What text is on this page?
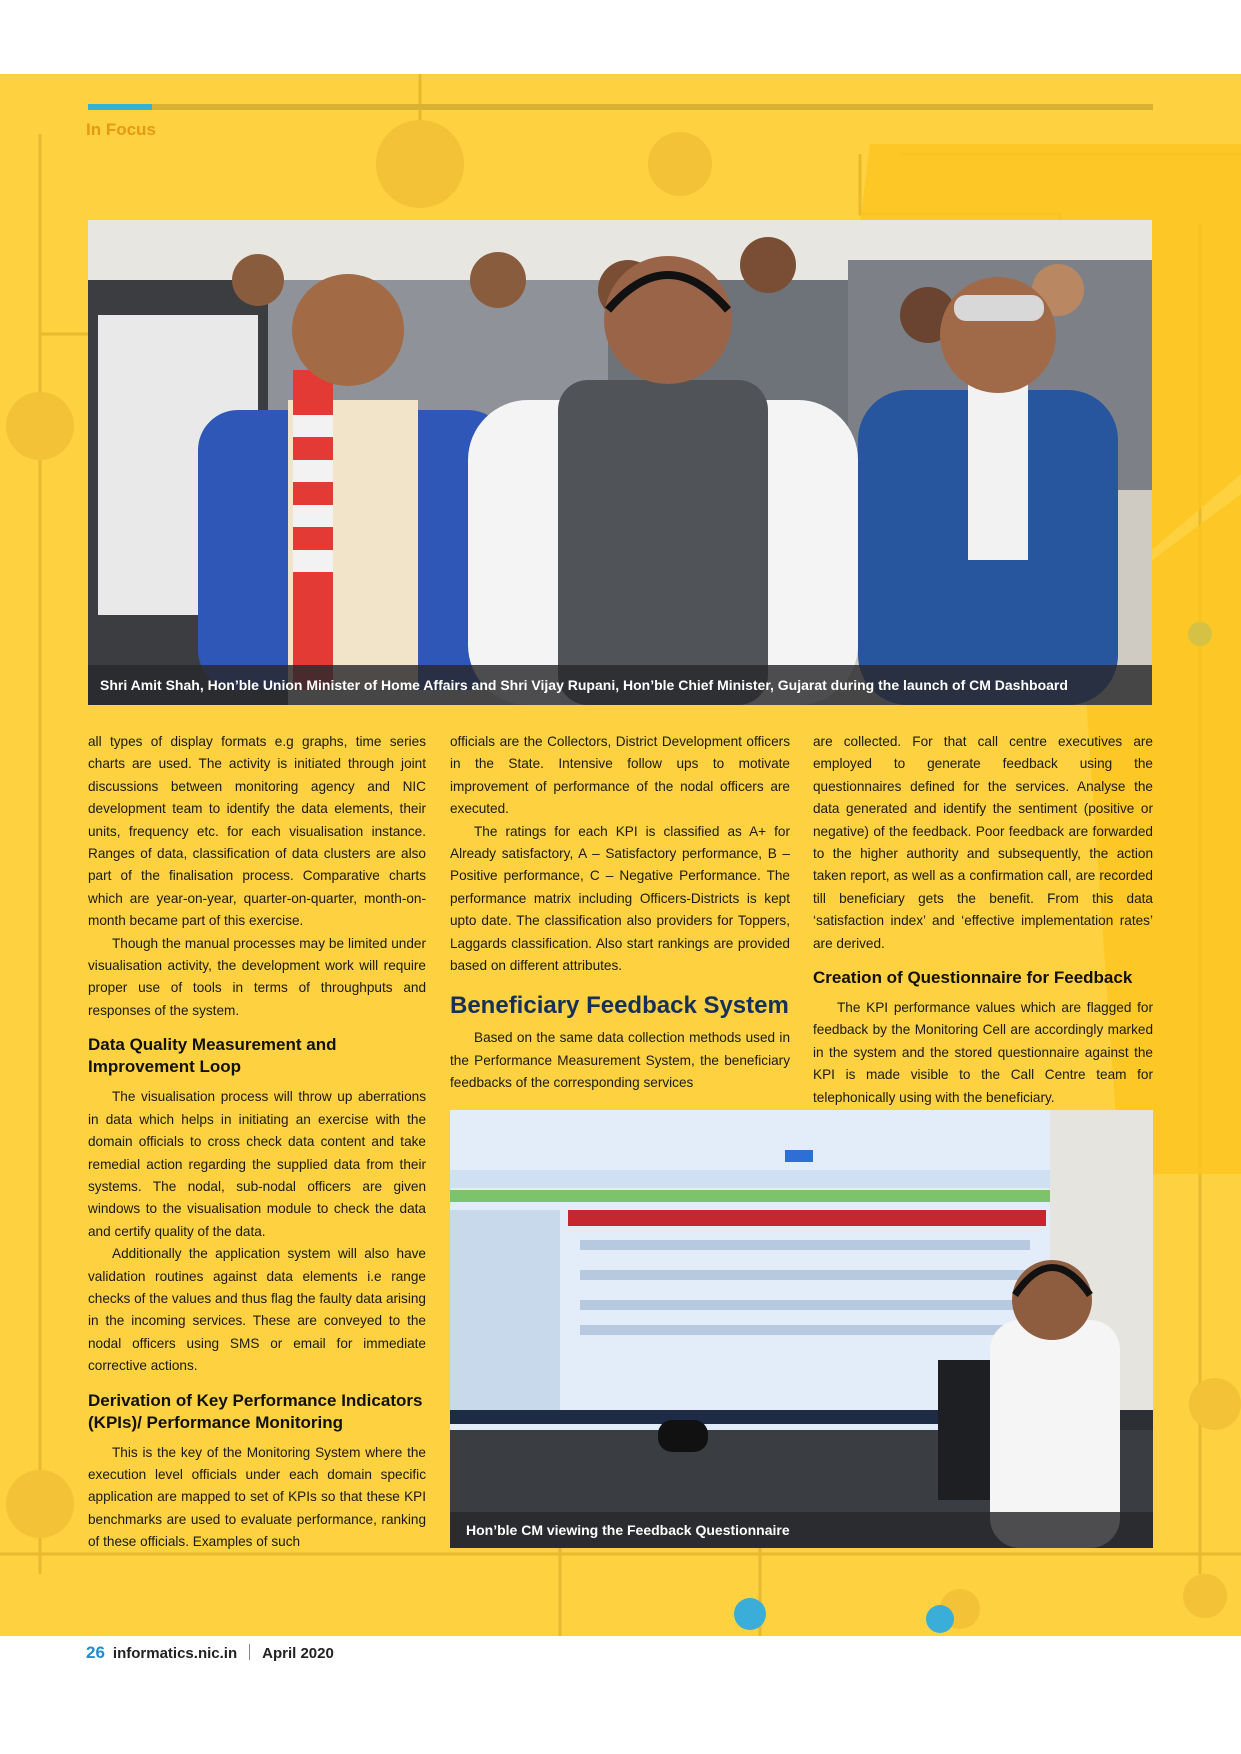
In Focus
Shri Amit Shah, Hon’ble Union Minister of Home Affairs and Shri Vijay Rupani, Hon’ble Chief Minister, Gujarat during the launch of CM Dashboard

all types of display formats e.g graphs, time series charts are used. The activity is initiated through joint discussions between monitoring agency and NIC development team to identify the data elements, their units, frequency etc. for each visualisation instance. Ranges of data, classification of data clusters are also part of the finalisation process. Comparative charts which are year-on-year, quarter-on-quarter, month-on-month became part of this exercise.

Though the manual processes may be limited under visualisation activity, the development work will require proper use of tools in terms of throughputs and responses of the system.

Data Quality Measurement and Improvement Loop

The visualisation process will throw up aberrations in data which helps in initiating an exercise with the domain officials to cross check data content and take remedial action regarding the supplied data from their systems. The nodal, sub-nodal officers are given windows to the visualisation module to check the data and certify quality of the data.

Additionally the application system will also have validation routines against data elements i.e range checks of the values and thus flag the faulty data arising in the incoming services. These are conveyed to the nodal officers using SMS or email for immediate corrective actions.

Derivation of Key Performance Indicators (KPIs)/ Performance Monitoring

This is the key of the Monitoring System where the execution level officials under each domain specific application are mapped to set of KPIs so that these KPI benchmarks are used to evaluate performance, ranking of these officials. Examples of such

officials are the Collectors, District Development officers in the State. Intensive follow ups to motivate improvement of performance of the nodal officers are executed.

The ratings for each KPI is classified as A+ for Already satisfactory, A – Satisfactory performance, B – Positive performance, C – Negative Performance. The performance matrix including Officers-Districts is kept upto date. The classification also providers for Toppers, Laggards classification. Also start rankings are provided based on different attributes.

Beneficiary Feedback System

Based on the same data collection methods used in the Performance Measurement System, the beneficiary feedbacks of the corresponding services

are collected. For that call centre executives are employed to generate feedback using the questionnaires defined for the services. Analyse the data generated and identify the sentiment (positive or negative) of the feedback. Poor feedback are forwarded to the higher authority and subsequently, the action taken report, as well as a confirmation call, are recorded till beneficiary gets the benefit. From this data ‘satisfaction index’ and ‘effective implementation rates’ are derived.

Creation of Questionnaire for Feedback

The KPI performance values which are flagged for feedback by the Monitoring Cell are accordingly marked in the system and the stored questionnaire against the KPI is made visible to the Call Centre team for telephonically using with the beneficiary.

Hon’ble CM viewing the Feedback Questionnaire
26 informatics.nic.in April 2020
